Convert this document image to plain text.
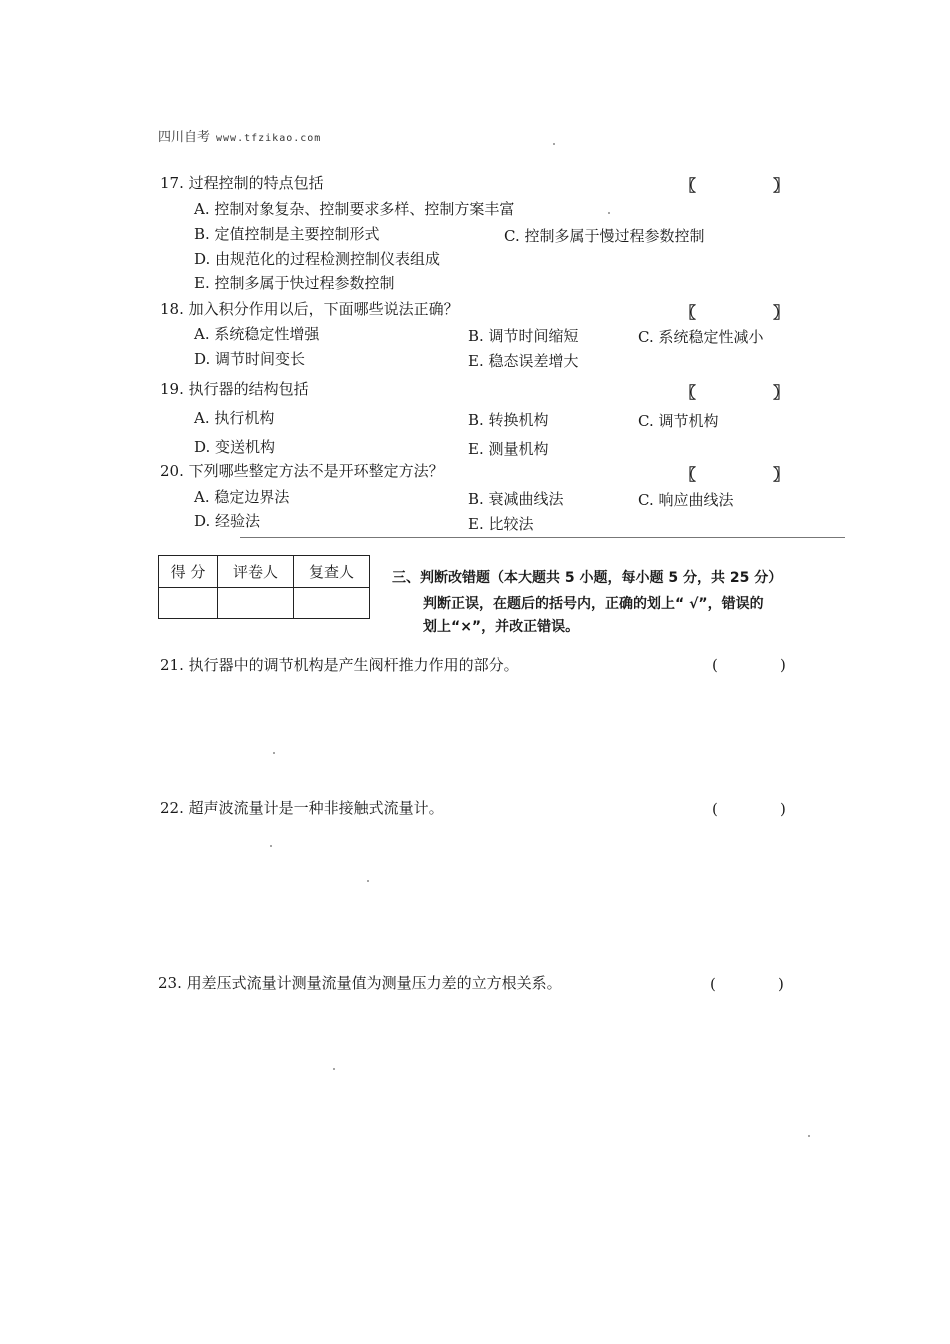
四川自考 www.tfzikao.com
17. 过程控制的特点包括	〖	〗
A. 控制对象复杂、控制要求多样、控制方案丰富
B. 定值控制是主要控制形式	C. 控制多属于慢过程参数控制
D. 由规范化的过程检测控制仪表组成
E. 控制多属于快过程参数控制
18. 加入积分作用以后，下面哪些说法正确？	〖	〗
A. 系统稳定性增强	B. 调节时间缩短	C. 系统稳定性减小
D. 调节时间变长	E. 稳态误差增大
19. 执行器的结构包括	〖	〗
A. 执行机构	B. 转换机构	C. 调节机构
D. 变送机构	E. 测量机构
20. 下列哪些整定方法不是开环整定方法？	〖	〗
A. 稳定边界法	B. 衰减曲线法	C. 响应曲线法
D. 经验法	E. 比较法
得 分	评卷人	复查人
			三、判断改错题（本大题共 5 小题，每小题 5 分，共 25 分）
判断正误，在题后的括号内，正确的划上“ √”，错误的
划上“×”，并改正错误。
21. 执行器中的调节机构是产生阀杆推力作用的部分。	(	)
22. 超声波流量计是一种非接触式流量计。	(	)
23. 用差压式流量计测量流量值为测量压力差的立方根关系。	(	)
